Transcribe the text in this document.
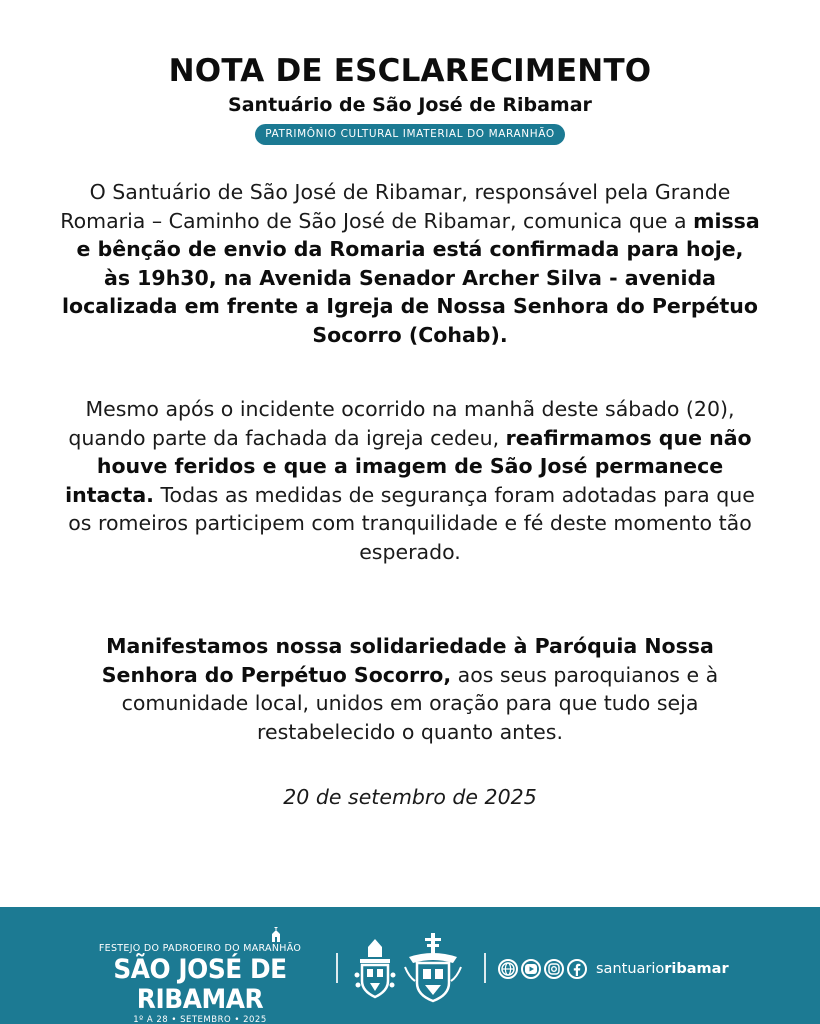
NOTA DE ESCLARECIMENTO
Santuário de São José de Ribamar
PATRIMÔNIO CULTURAL IMATERIAL DO MARANHÃO
O Santuário de São José de Ribamar, responsável pela Grande Romaria – Caminho de São José de Ribamar, comunica que a missa e bênção de envio da Romaria está confirmada para hoje, às 19h30, na Avenida Senador Archer Silva - avenida localizada em frente a Igreja de Nossa Senhora do Perpétuo Socorro (Cohab).
Mesmo após o incidente ocorrido na manhã deste sábado (20), quando parte da fachada da igreja cedeu, reafirmamos que não houve feridos e que a imagem de São José permanece intacta. Todas as medidas de segurança foram adotadas para que os romeiros participem com tranquilidade e fé deste momento tão esperado.
Manifestamos nossa solidariedade à Paróquia Nossa Senhora do Perpétuo Socorro, aos seus paroquianos e à comunidade local, unidos em oração para que tudo seja restabelecido o quanto antes.
20 de setembro de 2025
FESTEJO DO PADROEIRO DO MARANHÃO
SÃO JOSÉ DE RIBAMAR
1º A 28 • SETEMBRO • 2025
santuarioribamar
